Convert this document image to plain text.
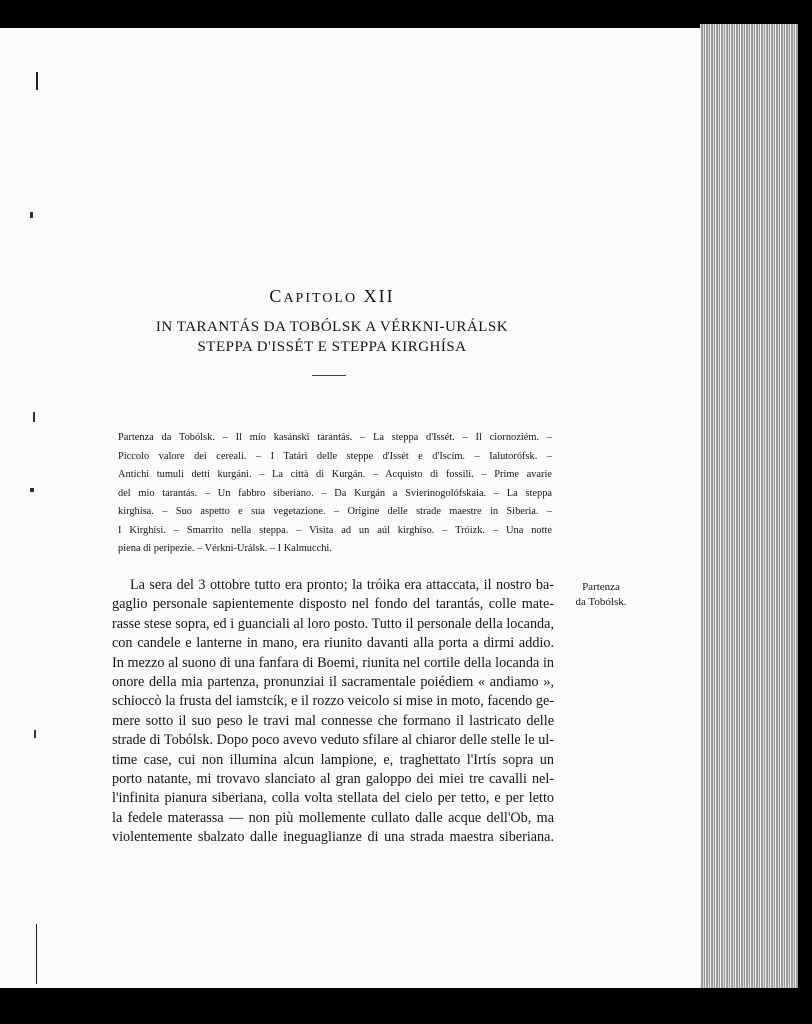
CAPITOLO XII
IN TARANTÁS DA TOBÓLSK A VÉRKNI-URÁLSK
STEPPA D'ISSÉT E STEPPA KIRGHÍSA
Partenza da Tobólsk. – Il mio kasánski tarantás. – La steppa d'Issét. – Il ciornoziém. –
Piccolo valore dei cereali. – I Tatári delle steppe d'Issét e d'Iscím. – Ialutorófsk. –
Antichi tumuli detti kurgáni. – La città di Kurgán. – Acquisto di fossili. – Prime avarie
del mio tarantás. – Un fabbro siberiano. – Da Kurgán a Svierinogolófskaia. – La steppa
kirghísa. – Suo aspetto e sua vegetazione. – Origine delle strade maestre in Siberia. –
I Kirghísi. – Smarrito nella steppa. – Visita ad un aúl kirghíso. – Tróizk. – Una notte
piena di peripezie. – Vérkni-Urálsk. – I Kalmucchi.
La sera del 3 ottobre tutto era pronto; la tróika era attaccata, il nostro ba-
gaglio personale sapientemente disposto nel fondo del tarantás, colle mate-
rasse stese sopra, ed i guanciali al loro posto. Tutto il personale della locanda,
con candele e lanterne in mano, era riunito davanti alla porta a dirmi addio.
In mezzo al suono di una fanfara di Boemi, riunita nel cortile della locanda in
onore della mia partenza, pronunziai il sacramentale poiédiem « andiamo »,
schioccò la frusta del iamstcík, e il rozzo veicolo si mise in moto, facendo ge-
mere sotto il suo peso le travi mal connesse che formano il lastricato delle
strade di Tobólsk. Dopo poco avevo veduto sfilare al chiaror delle stelle le ul-
time case, cui non illumina alcun lampione, e, traghettato l'Irtís sopra un
porto natante, mi trovavo slanciato al gran galoppo dei miei tre cavalli nel-
l'infinita pianura siberiana, colla volta stellata del cielo per tetto, e per letto
la fedele materassa — non più mollemente cullato dalle acque dell'Ob, ma
violentemente sbalzato dalle ineguaglianze di una strada maestra siberiana.
Partenza
da Tobólsk.
